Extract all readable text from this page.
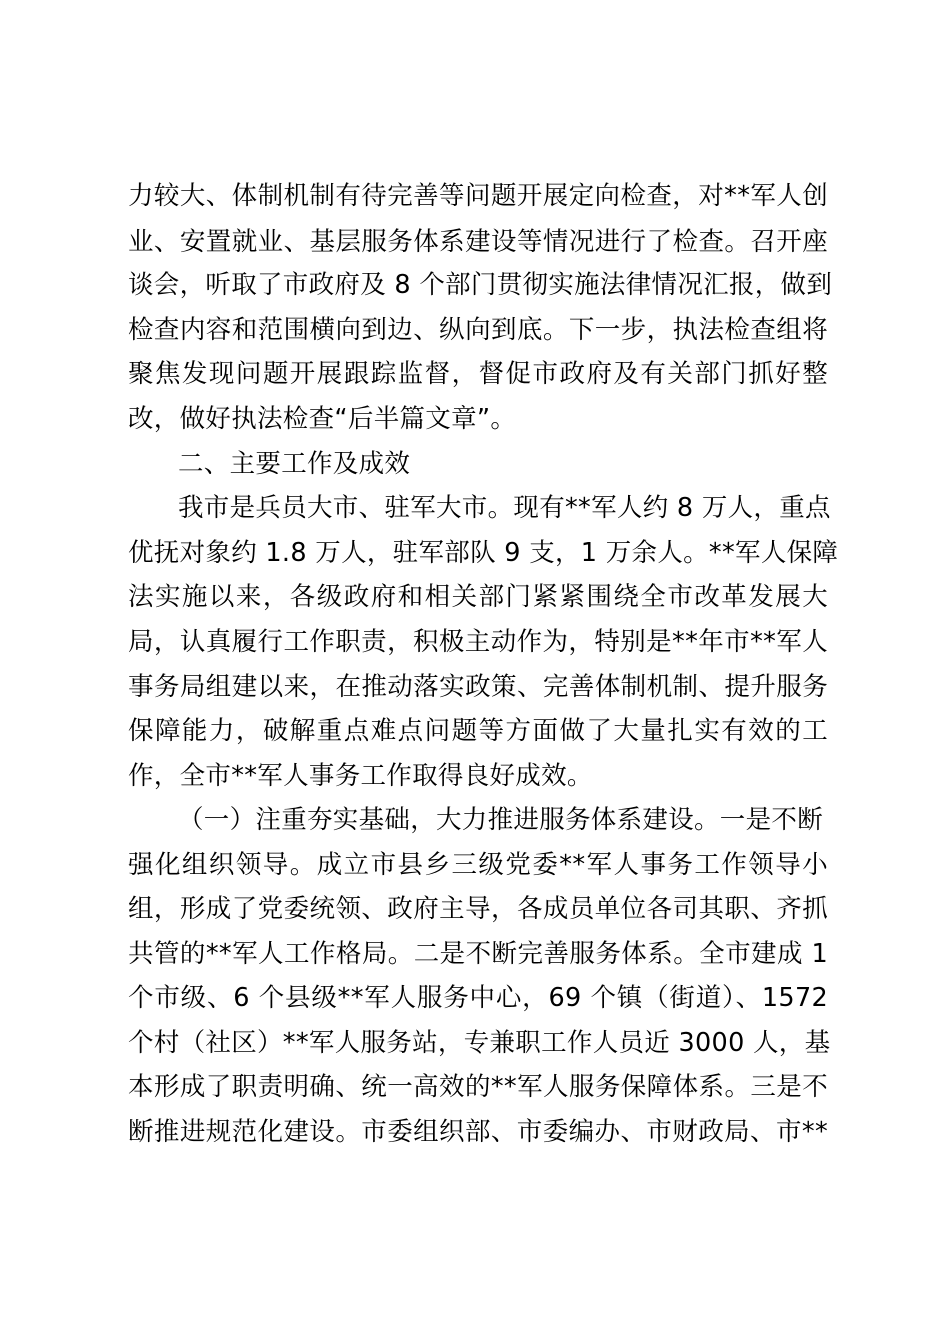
力较大、体制机制有待完善等问题开展定向检查，对**军人创
业、安置就业、基层服务体系建设等情况进行了检查。召开座
谈会，听取了市政府及 8 个部门贯彻实施法律情况汇报，做到
检查内容和范围横向到边、纵向到底。下一步，执法检查组将
聚焦发现问题开展跟踪监督，督促市政府及有关部门抓好整
改，做好执法检查“后半篇文章”。
二、主要工作及成效
我市是兵员大市、驻军大市。现有**军人约 8 万人，重点
优抚对象约 1.8 万人，驻军部队 9 支，1 万余人。**军人保障
法实施以来，各级政府和相关部门紧紧围绕全市改革发展大
局，认真履行工作职责，积极主动作为，特别是**年市**军人
事务局组建以来，在推动落实政策、完善体制机制、提升服务
保障能力，破解重点难点问题等方面做了大量扎实有效的工
作，全市**军人事务工作取得良好成效。
（一）注重夯实基础，大力推进服务体系建设。一是不断
强化组织领导。成立市县乡三级党委**军人事务工作领导小
组，形成了党委统领、政府主导，各成员单位各司其职、齐抓
共管的**军人工作格局。二是不断完善服务体系。全市建成 1
个市级、6 个县级**军人服务中心，69 个镇（街道）、1572
个村（社区）**军人服务站，专兼职工作人员近 3000 人，基
本形成了职责明确、统一高效的**军人服务保障体系。三是不
断推进规范化建设。市委组织部、市委编办、市财政局、市**
